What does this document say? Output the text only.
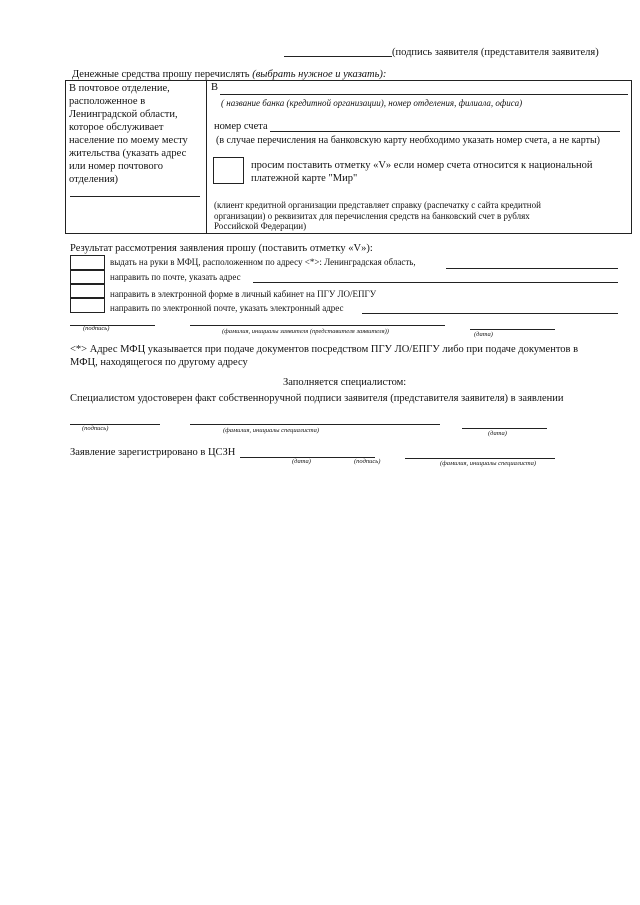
(подпись заявителя (представителя заявителя)
Денежные средства прошу перечислять (выбрать нужное и указать):
В почтовое отделение,
расположенное в
Ленинградской области,
которое обслуживает
население по моему месту
жительства (указать адрес
или номер почтового
отделения)
В
( название банка (кредитной организации), номер отделения, филиала, офиса)
номер счета
(в случае перечисления на банковскую карту необходимо указать номер счета, а не карты)
просим поставить отметку «V» если номер счета относится к национальной
платежной карте "Мир"
(клиент кредитной организации представляет справку (распечатку с сайта кредитной
организации) о реквизитах для перечисления средств на банковский счет в рублях
Российской Федерации)
Результат рассмотрения заявления прошу (поставить отметку «V»):
выдать на руки в МФЦ, расположенном по адресу <*>: Ленинградская область,
направить по почте, указать адрес
направить в электронной форме в личный кабинет на ПГУ ЛО/ЕПГУ
направить по электронной почте, указать электронный адрес
(подпись)	(фамилия, инициалы заявителя (представителя заявителя))	(дата)
<*> Адрес МФЦ указывается при подаче документов посредством ПГУ ЛО/ЕПГУ либо при подаче документов в
МФЦ, находящегося по другому адресу
Заполняется специалистом:
Специалистом удостоверен факт собственноручной подписи заявителя (представителя заявителя) в заявлении
(подпись)	(фамилия, инициалы специалиста)	(дата)
Заявление зарегистрировано в ЦСЗН
(дата)	(подпись)	(фамилия, инициалы специалиста)
